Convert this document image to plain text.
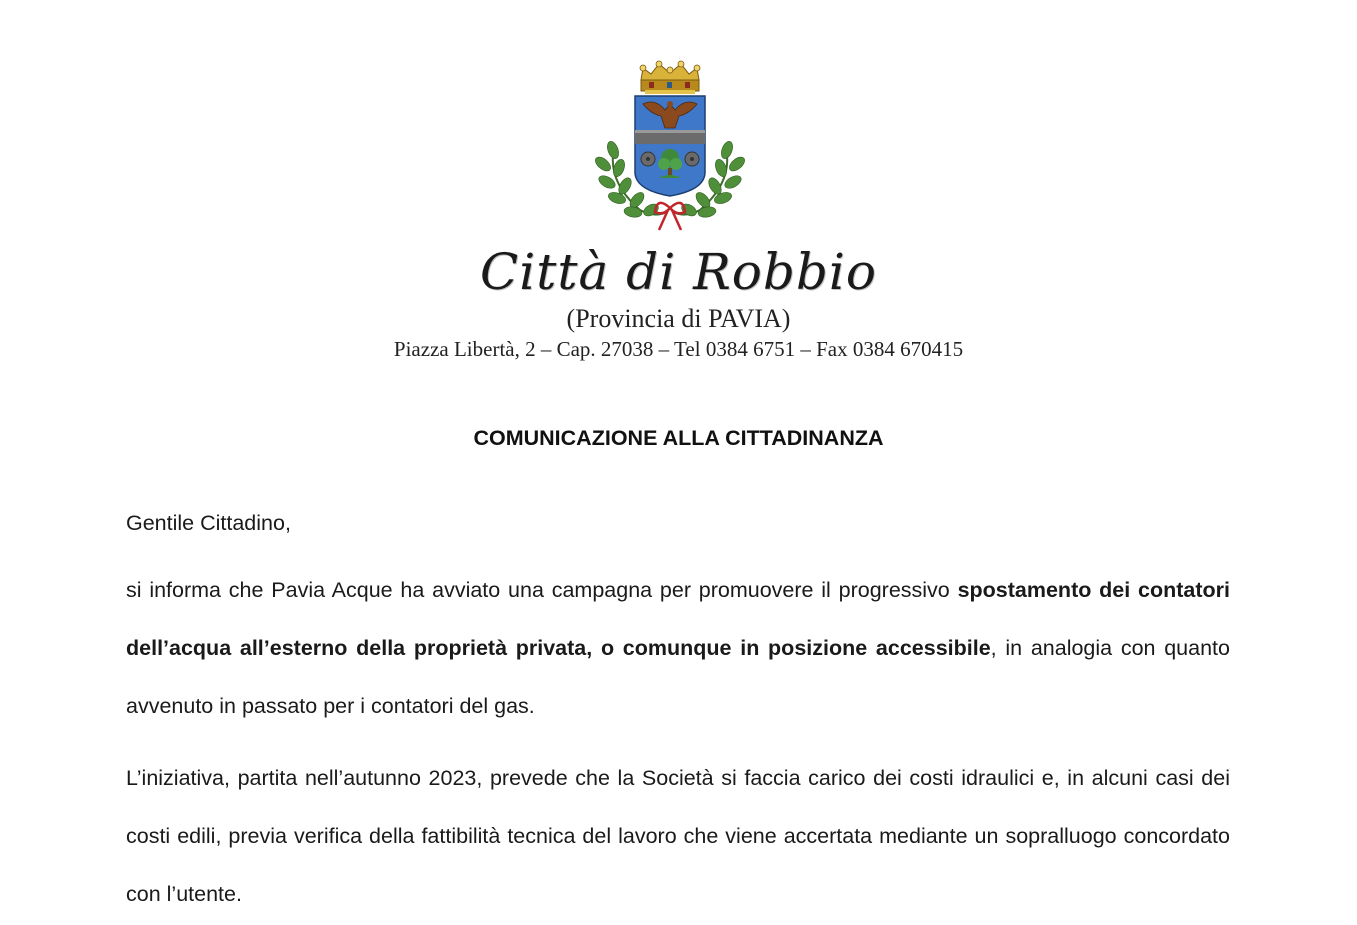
Città di Robbio
(Provincia di PAVIA)
Piazza Libertà, 2 – Cap. 27038 – Tel 0384 6751 – Fax 0384 670415
COMUNICAZIONE ALLA CITTADINANZA
Gentile Cittadino,
si informa che Pavia Acque ha avviato una campagna per promuovere il progressivo spostamento dei contatori dell’acqua all’esterno della proprietà privata, o comunque in posizione accessibile, in analogia con quanto avvenuto in passato per i contatori del gas.
L’iniziativa, partita nell’autunno 2023, prevede che la Società si faccia carico dei costi idraulici e, in alcuni casi dei costi edili, previa verifica della fattibilità tecnica del lavoro che viene accertata mediante un sopralluogo concordato con l’utente.
